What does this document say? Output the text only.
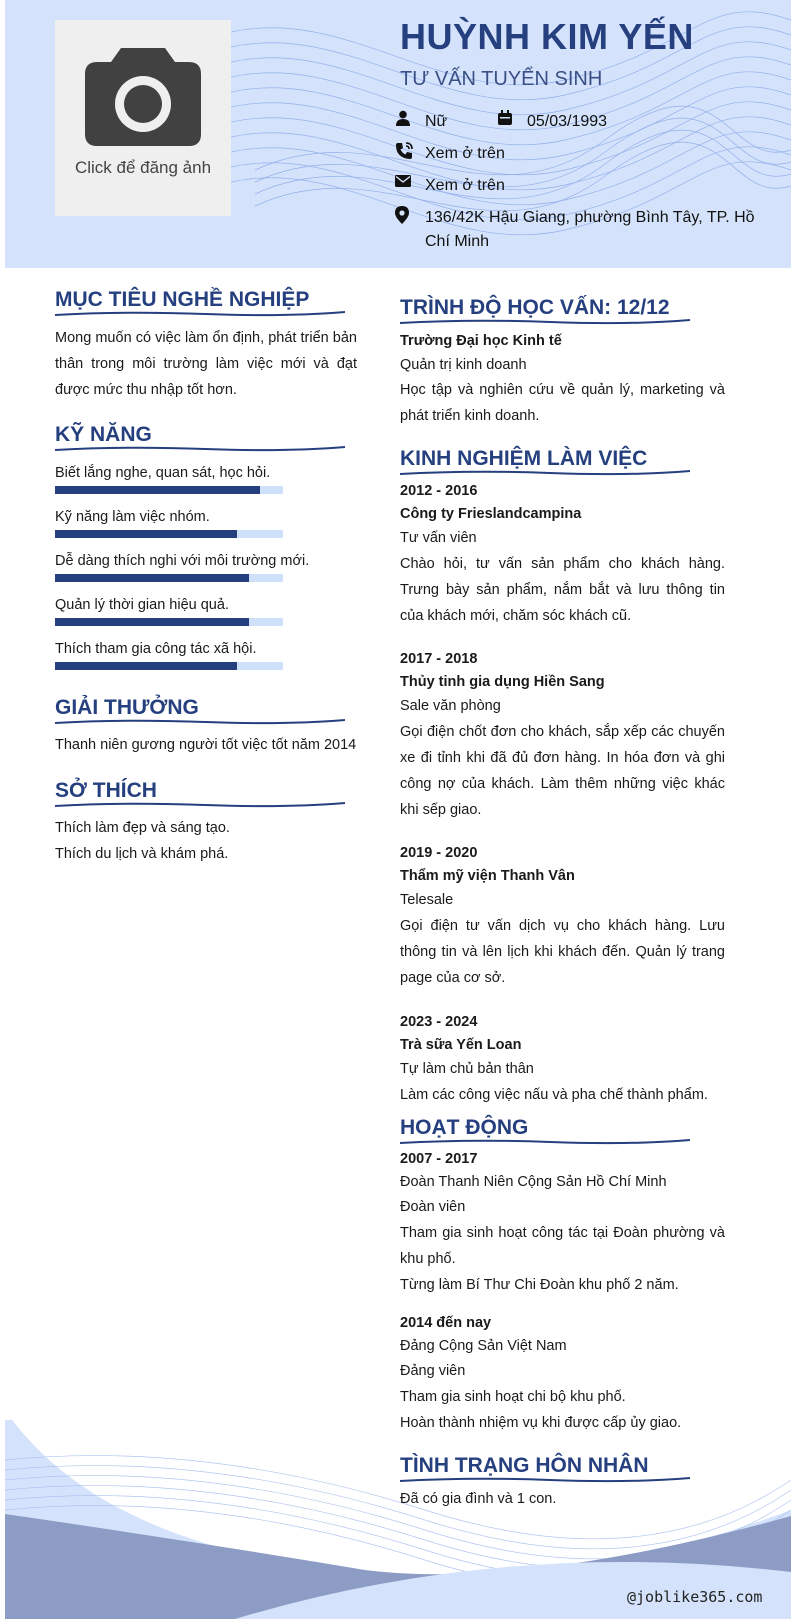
Click để đăng ảnh
HUỲNH KIM YẾN
TƯ VẤN TUYỂN SINH
Nữ	05/03/1993
Xem ở trên
Xem ở trên
136/42K Hậu Giang, phường Bình Tây, TP. Hồ Chí Minh
MỤC TIÊU NGHỀ NGHIỆP
Mong muốn có việc làm ổn định, phát triển bản thân trong môi trường làm việc mới và đạt được mức thu nhập tốt hơn.
KỸ NĂNG
Biết lắng nghe, quan sát, học hỏi.
Kỹ năng làm việc nhóm.
Dễ dàng thích nghi với môi trường mới.
Quản lý thời gian hiệu quả.
Thích tham gia công tác xã hội.
GIẢI THƯỞNG
Thanh niên gương người tốt việc tốt năm 2014
SỞ THÍCH
Thích làm đẹp và sáng tạo.
Thích du lịch và khám phá.
TRÌNH ĐỘ HỌC VẤN: 12/12
Trường Đại học Kinh tế
Quản trị kinh doanh
Học tập và nghiên cứu về quản lý, marketing và phát triển kinh doanh.
KINH NGHIỆM LÀM VIỆC
2012 - 2016
Công ty Frieslandcampina
Tư vấn viên
Chào hỏi, tư vấn sản phẩm cho khách hàng. Trưng bày sản phẩm, nắm bắt và lưu thông tin của khách mới, chăm sóc khách cũ.
2017 - 2018
Thủy tinh gia dụng Hiền Sang
Sale văn phòng
Gọi điện chốt đơn cho khách, sắp xếp các chuyến xe đi tỉnh khi đã đủ đơn hàng. In hóa đơn và ghi công nợ của khách. Làm thêm những việc khác khi sếp giao.
2019 - 2020
Thẩm mỹ viện Thanh Vân
Telesale
Gọi điện tư vấn dịch vụ cho khách hàng. Lưu thông tin và lên lịch khi khách đến. Quản lý trang page của cơ sở.
2023 - 2024
Trà sữa Yến Loan
Tự làm chủ bản thân
Làm các công việc nấu và pha chế thành phẩm.
HOẠT ĐỘNG
2007 - 2017
Đoàn Thanh Niên Cộng Sản Hồ Chí Minh
Đoàn viên
Tham gia sinh hoạt công tác tại Đoàn phường và khu phố.
Từng làm Bí Thư Chi Đoàn khu phố 2 năm.
2014 đến nay
Đảng Cộng Sản Việt Nam
Đảng viên
Tham gia sinh hoạt chi bộ khu phố.
Hoàn thành nhiệm vụ khi được cấp ủy giao.
TÌNH TRẠNG HÔN NHÂN
Đã có gia đình và 1 con.
@joblike365.com
